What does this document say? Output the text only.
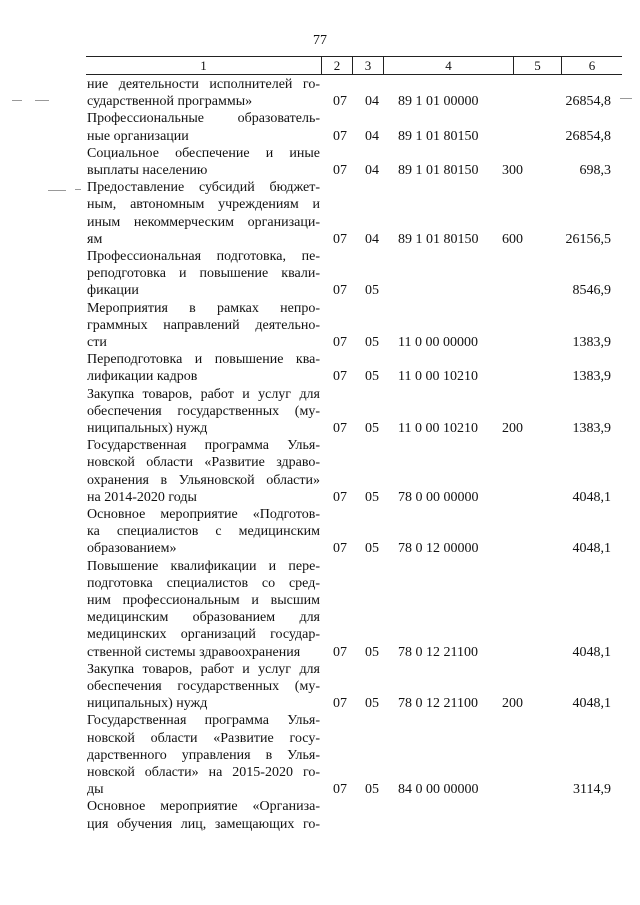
77
1	2	3	4	5	6
ние деятельности исполнителей го-
сударственной программы»	07 04 89 1 01 00000	26854,8
Профессиональные образователь-
ные организации	07 04 89 1 01 80150	26854,8
Социальное обеспечение и иные
выплаты населению	07 04 89 1 01 80150 300	698,3
Предоставление субсидий бюджет-
ным, автономным учреждениям и
иным некоммерческим организаци-
ям	07 04 89 1 01 80150 600	26156,5
Профессиональная подготовка, пе-
реподготовка и повышение квали-
фикации	07 05	8546,9
Мероприятия в рамках непро-
граммных направлений деятельно-
сти	07 05 11 0 00 00000	1383,9
Переподготовка и повышение ква-
лификации кадров	07 05 11 0 00 10210	1383,9
Закупка товаров, работ и услуг для
обеспечения государственных (му-
ниципальных) нужд	07 05 11 0 00 10210 200	1383,9
Государственная программа Улья-
новской области «Развитие здраво-
охранения в Ульяновской области»
на 2014-2020 годы	07 05 78 0 00 00000	4048,1
Основное мероприятие «Подготов-
ка специалистов с медицинским
образованием»	07 05 78 0 12 00000	4048,1
Повышение квалификации и пере-
подготовка специалистов со сред-
ним профессиональным и высшим
медицинским образованием для
медицинских организаций государ-
ственной системы здравоохранения	07 05 78 0 12 21100	4048,1
Закупка товаров, работ и услуг для
обеспечения государственных (му-
ниципальных) нужд	07 05 78 0 12 21100 200	4048,1
Государственная программа Улья-
новской области «Развитие госу-
дарственного управления в Улья-
новской области» на 2015-2020 го-
ды	07 05 84 0 00 00000	3114,9
Основное мероприятие «Организа-
ция обучения лиц, замещающих го-
